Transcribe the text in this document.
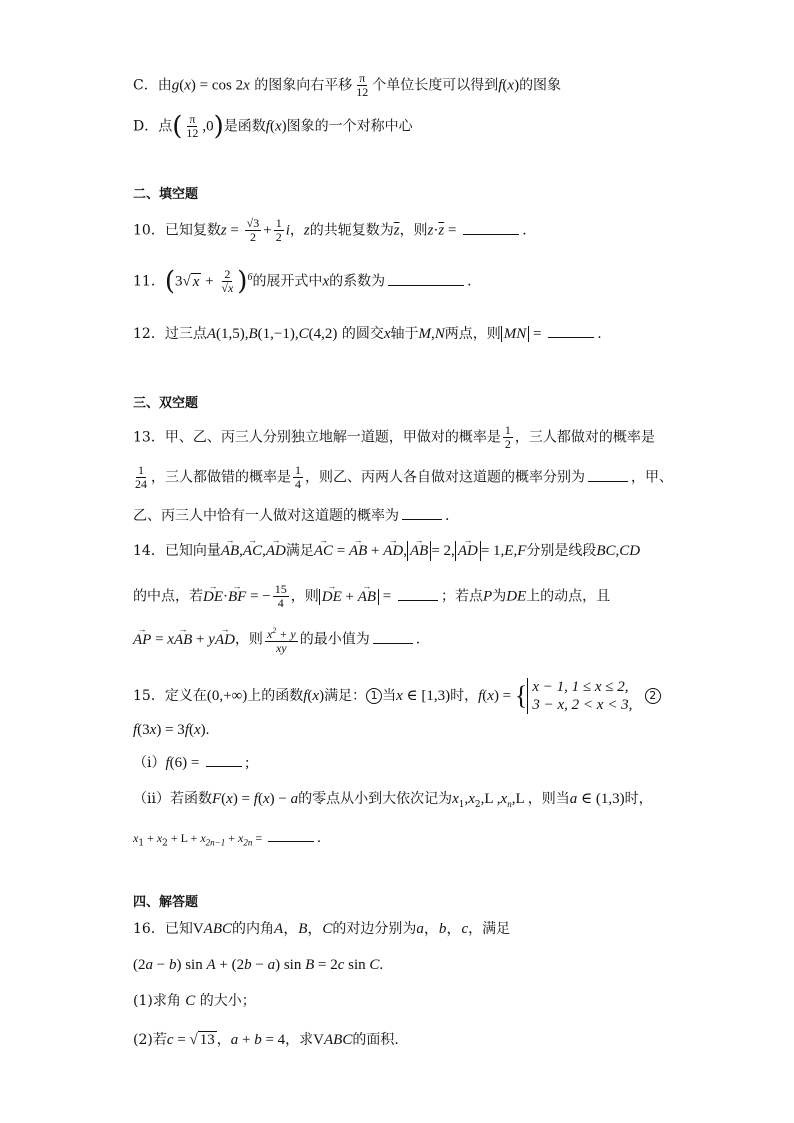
C．由g(x) = cos 2x 的图象向右平移 $\frac{\pi}{12}$ 个单位长度可以得到f(x)的图象
D．点( $\frac{\pi}{12} ,0$)是函数f(x)图象的一个对称中心
二、填空题
10．已知复数$z = \frac{√3}{2} + \frac{1}{2}$ i，z的共轭复数为$\overline{z}$，则$z\cdot\overline{z}$ =	.
11．(3√ $x + \frac{2}{√x} )^6$的展开式中x的系数为	.
12．过三点A(1,5),B(1,−1),C(4,2) 的圆交x轴于M,N两点，则 MN =	.
三、双空题
13．甲、乙、丙三人分别独立地解一道题，甲做对的概率是 $\frac{1}{2}$ ，三人都做对的概率是
$\frac{1}{24}$ ，三人都做错的概率是 $\frac{1}{4}$ ，则乙、丙两人各自做对这道题的概率分别为	，甲、
乙、丙三人中恰有一人做对这道题的概率为	.
14．已知向量→ AB,→ AC,→ AD满足→ AC = → AB + → AD, → AB = 2, → AD = 1,E,F分别是线段BC,CD
的中点，若→ DE·→ BF = − $\frac{15}{4}$ ，则 → DE + → AB =	；若点P为DE上的动点，且
→ AP = x→ AB + y→ AD，则 $\frac{x^2 + y}{xy}$ 的最小值为	.
15．定义在(0,+∞)上的函数f(x)满足： 1 当x ∈ [1,3)时，f(x) = { x − 1, 1 ≤ x ≤ 2,
3 − x, 2 < x < 3,
2
f(3x) = 3f(x).
（i）f(6) =	;
（ii）若函数F(x) = f(x) − a的零点从小到大依次记为$x_1,x_2,L$ $,x_n,L$ ，则当a ∈ (1,3)时，
$x_1 + x_2 + L + x_{2n-1} + x_{2n}$ =	.
四、解答题
16．已知VABC的内角A，B，C的对边分别为a，b，c，满足
(2a − b) sin A + (2b − a) sin B = 2c sin C.
(1)求角 C 的大小；
(2)若c = √ 13 ，a + b = 4，求VABC的面积.
